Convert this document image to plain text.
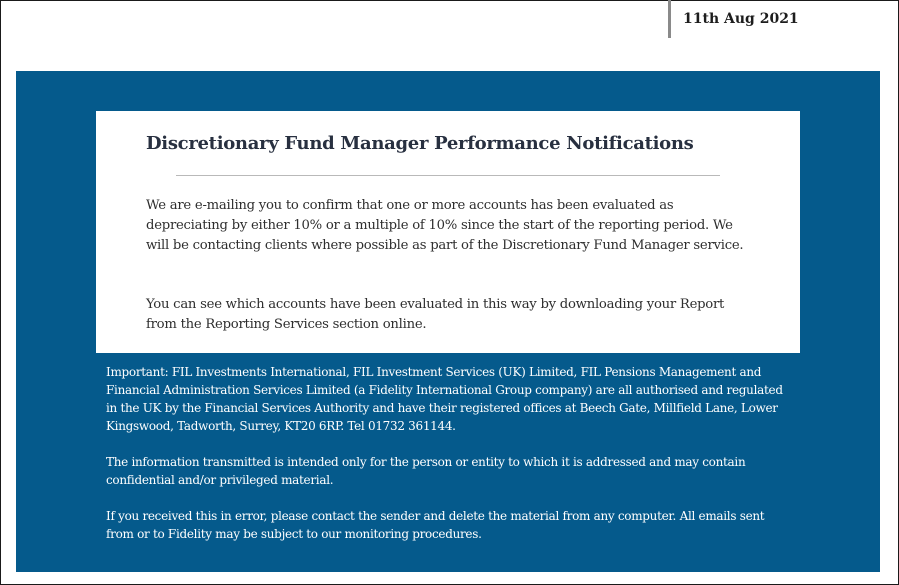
11th Aug 2021
Discretionary Fund Manager Performance Notifications

We are e-mailing you to confirm that one or more accounts has been evaluated as depreciating by either 10% or a multiple of 10% since the start of the reporting period. We will be contacting clients where possible as part of the Discretionary Fund Manager service.

You can see which accounts have been evaluated in this way by downloading your Report from the Reporting Services section online.

Important: FIL Investments International, FIL Investment Services (UK) Limited, FIL Pensions Management and Financial Administration Services Limited (a Fidelity International Group company) are all authorised and regulated in the UK by the Financial Services Authority and have their registered offices at Beech Gate, Millfield Lane, Lower Kingswood, Tadworth, Surrey, KT20 6RP. Tel 01732 361144.

The information transmitted is intended only for the person or entity to which it is addressed and may contain confidential and/or privileged material.

If you received this in error, please contact the sender and delete the material from any computer. All emails sent from or to Fidelity may be subject to our monitoring procedures.
